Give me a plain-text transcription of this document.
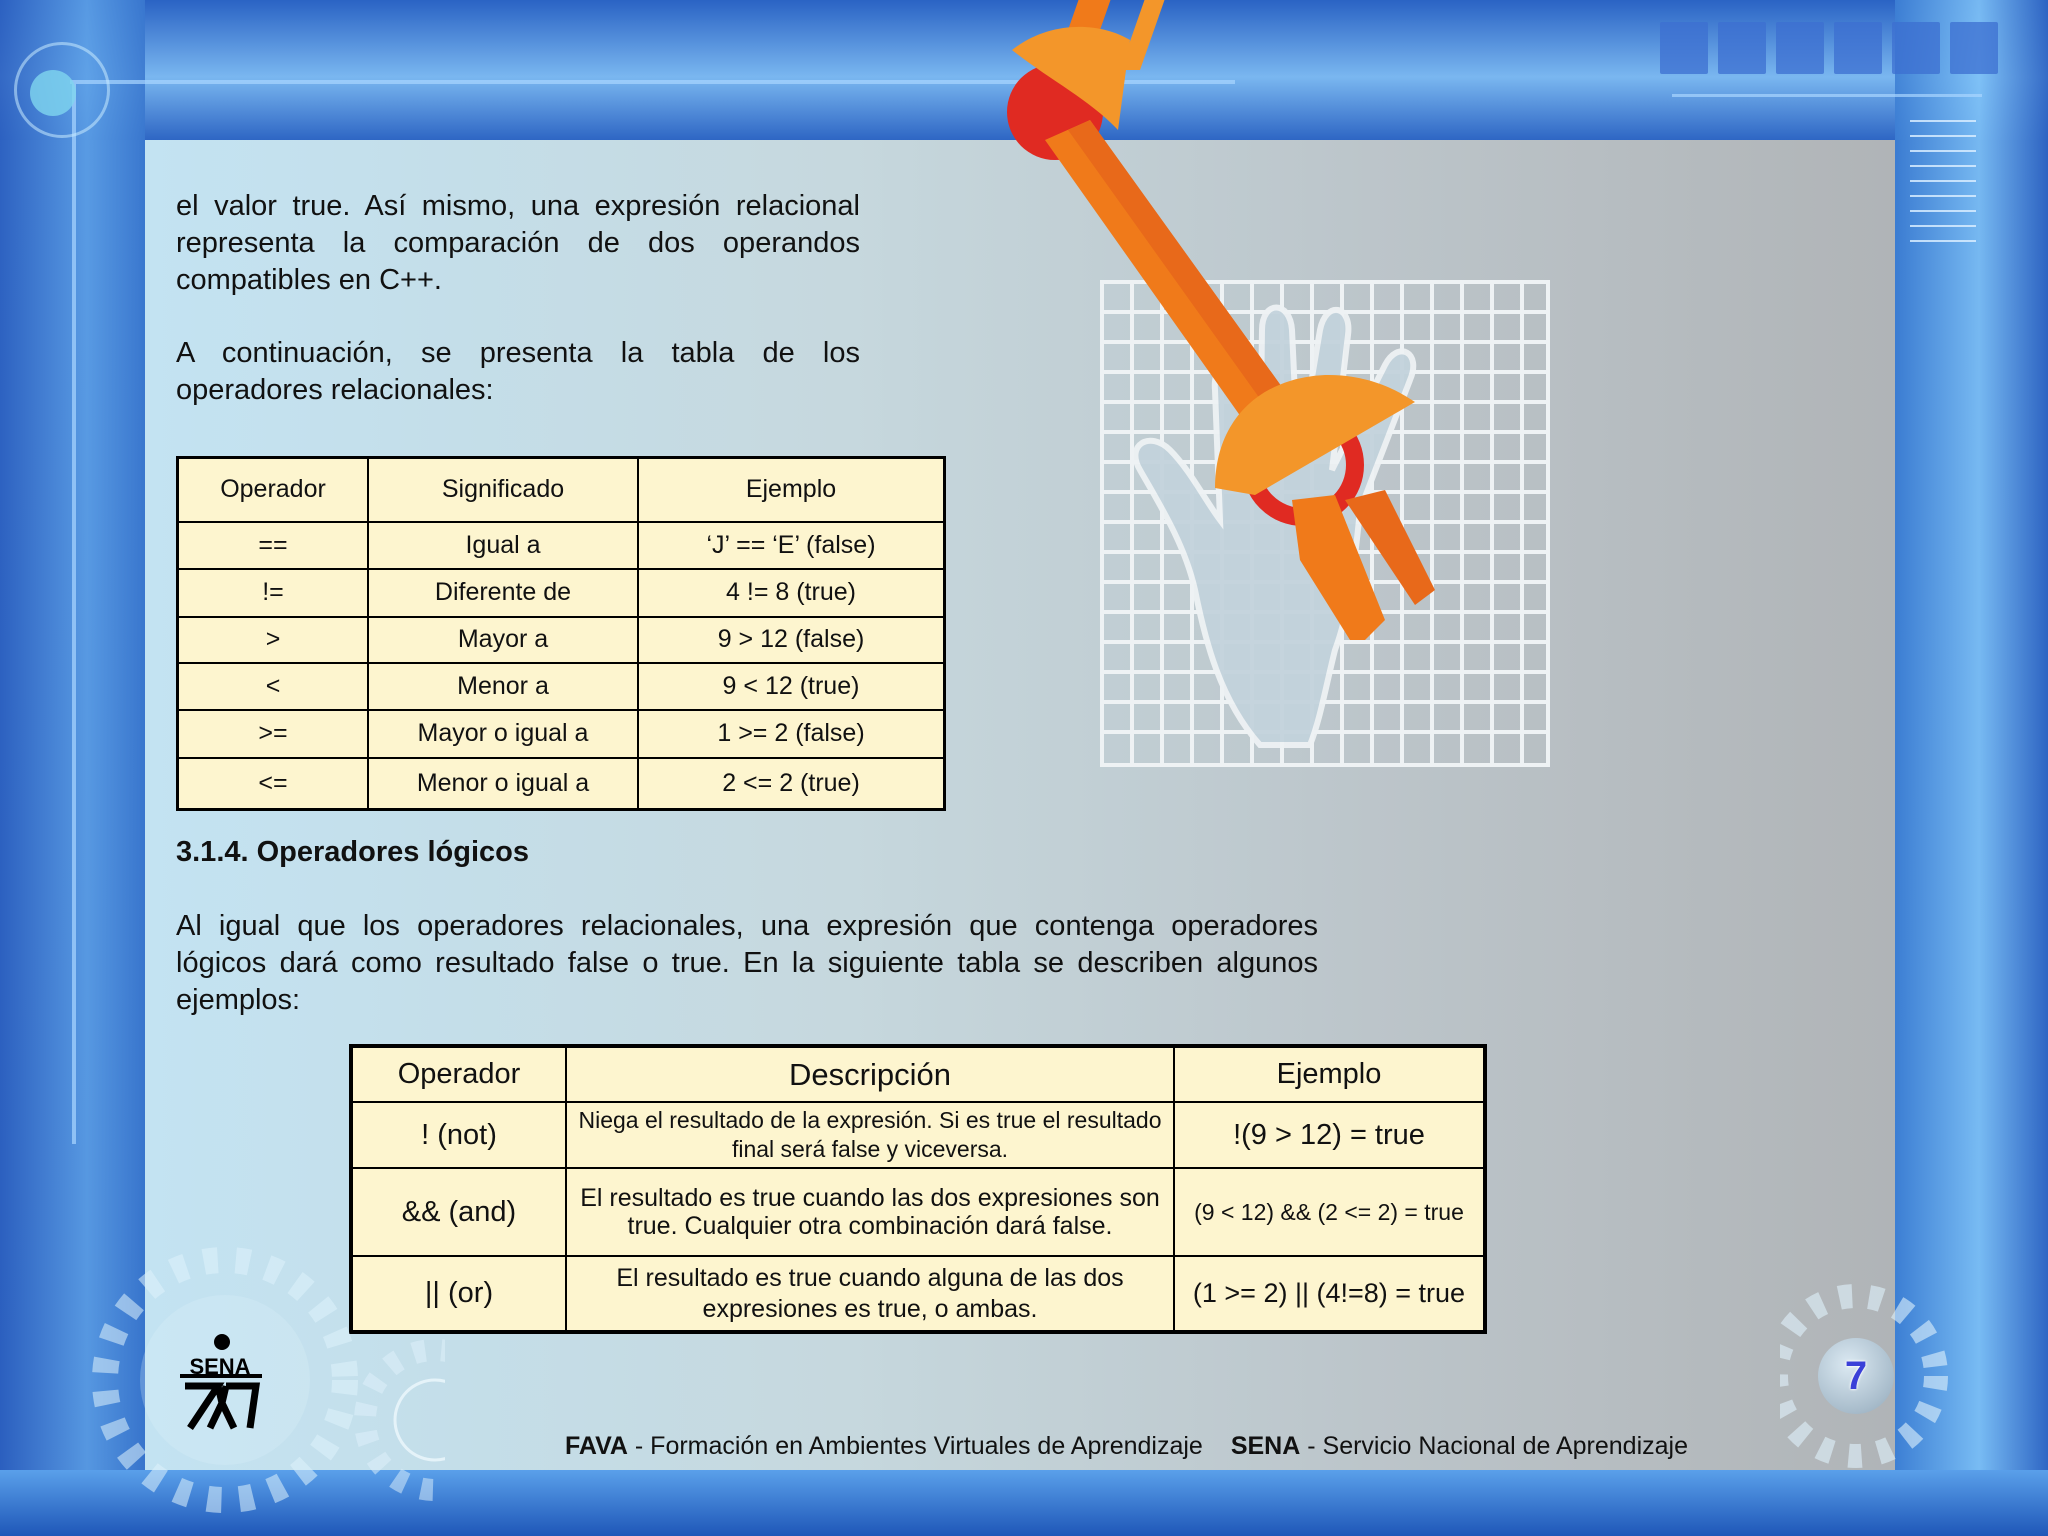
el valor true. Así mismo, una expresión relacional representa la comparación de dos operandos compatibles en C++.

A continuación, se presenta la tabla de los operadores relacionales:

Operador	Significado	Ejemplo
==	Igual a	‘J’ == ‘E’ (false)
!=	Diferente de	4 != 8 (true)
>	Mayor a	9 > 12 (false)
<	Menor a	9 < 12 (true)
>=	Mayor o igual a	1 >= 2 (false)
<=	Menor o igual a	2 <= 2 (true)
3.1.4. Operadores lógicos

Al igual que los operadores relacionales, una expresión que contenga operadores lógicos dará como resultado false o true. En la siguiente tabla se describen algunos ejemplos:

Operador	Descripción	Ejemplo
! (not)	Niega el resultado de la expresión. Si es true el resultado final será false y viceversa.	!(9 > 12) = true
&& (and)	El resultado es true cuando las dos expresiones son true. Cualquier otra combinación dará false.	(9 < 12) && (2 <= 2) = true
|| (or)	El resultado es true cuando alguna de las dos expresiones es true, o ambas.	(1 >= 2) || (4!=8) = true
SENA	7
FAVA - Formación en Ambientes Virtuales de Aprendizaje SENA - Servicio Nacional de Aprendizaje
